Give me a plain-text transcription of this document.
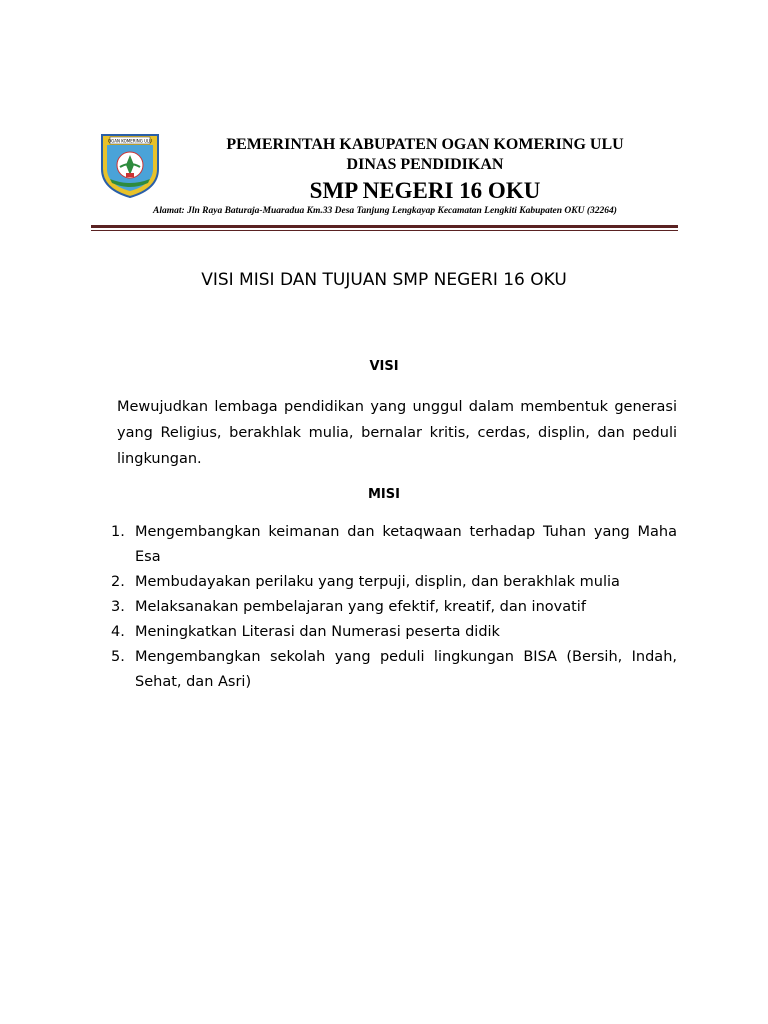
OGAN KOMERING ULU	PEMERINTAH KABUPATEN OGAN KOMERING ULU
DINAS PENDIDIKAN
SMP NEGERI 16 OKU
Alamat: Jln Raya Baturaja-Muaradua Km.33 Desa Tanjung Lengkayap Kecamatan Lengkiti Kabupaten OKU (32264)
VISI MISI DAN TUJUAN SMP NEGERI 16 OKU
VISI

Mewujudkan lembaga pendidikan yang unggul dalam membentuk generasi yang Religius, berakhlak mulia, bernalar kritis, cerdas, displin, dan peduli lingkungan.

MISI
1. Mengembangkan keimanan dan ketaqwaan terhadap Tuhan yang Maha Esa
2. Membudayakan perilaku yang terpuji, displin, dan berakhlak mulia
3. Melaksanakan pembelajaran yang efektif, kreatif, dan inovatif
4. Meningkatkan Literasi dan Numerasi peserta didik
5. Mengembangkan sekolah yang peduli lingkungan BISA (Bersih, Indah, Sehat, dan Asri)
